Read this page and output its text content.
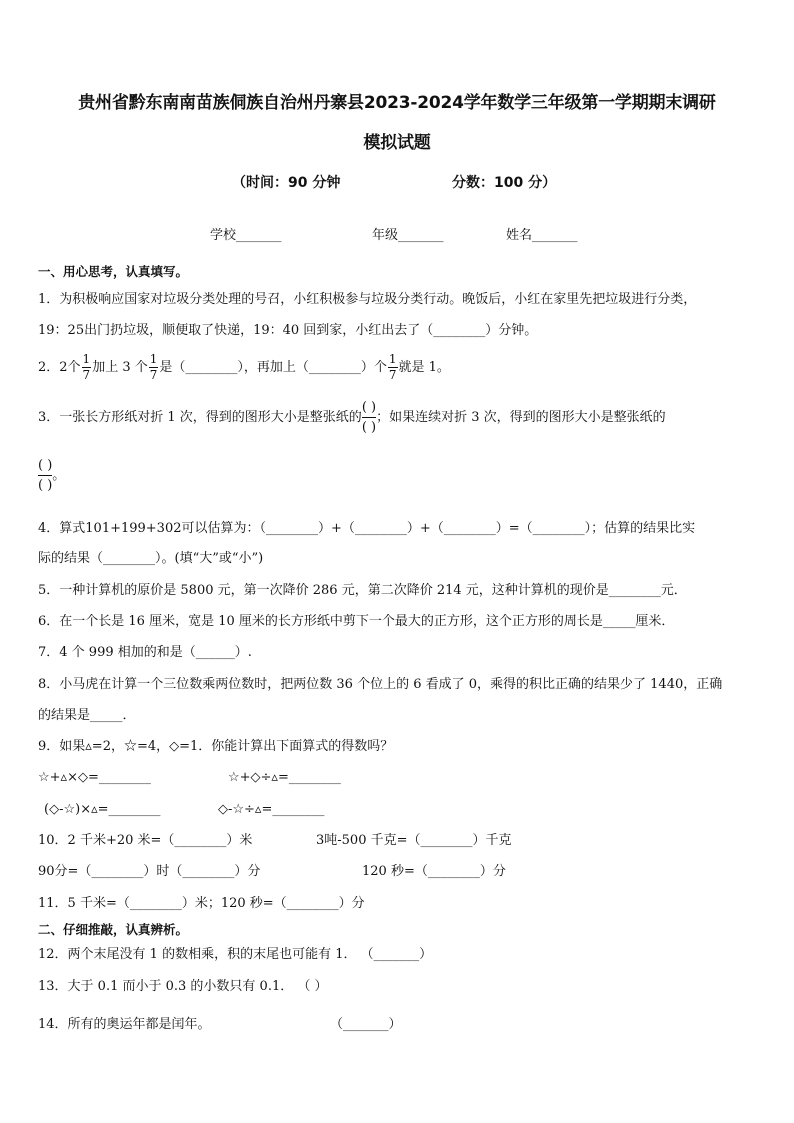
贵州省黔东南南苗族侗族自治州丹寨县2023-2024学年数学三年级第一学期期末调研
模拟试题
（时间：90 分钟	分数：100 分）
学校_______	年级_______	姓名_______
一、用心思考，认真填写。
1．为积极响应国家对垃圾分类处理的号召，小红积极参与垃圾分类行动。晚饭后，小红在家里先把垃圾进行分类，
19：25出门扔垃圾，顺便取了快递，19：40 回到家，小红出去了（________）分钟。
2．2个 $\frac{1}{7}$ 加上 3 个 $\frac{1}{7}$ 是（________），再加上（________）个 $\frac{1}{7}$ 就是 1。
3．一张长方形纸对折 1 次，得到的图形大小是整张纸的
( )
( )；如果连续对折 3 次，得到的图形大小是整张纸的
( )
( )。
4．算式101+199+302可以估算为：（________）+（________）+（________）=（________）；估算的结果比实
际的结果（________）。(填“大”或“小”)
5．一种计算机的原价是 5800 元，第一次降价 286 元，第二次降价 214 元，这种计算机的现价是________元．
6．在一个长是 16 厘米，宽是 10 厘米的长方形纸中剪下一个最大的正方形，这个正方形的周长是_____厘米．
7．4 个 999 相加的和是（______）.
8．小马虎在计算一个三位数乘两位数时，把两位数 36 个位上的 6 看成了 0，乘得的积比正确的结果少了 1440，正确
的结果是_____．
9．如果▵=2，☆=4，◇=1．你能计算出下面算式的得数吗？
☆+▵×◇=________	☆+◇÷▵=________
(◇-☆)×▵=________	◇-☆÷▵=________
10．2 千米+20 米=（________）米	3吨-500 千克=（________）千克
90分=（________）时（________）分	120 秒=（________）分
11．5 千米=（________）米；120 秒=（________）分
二、仔细推敲，认真辨析。
12．两个末尾没有 1 的数相乘，积的末尾也可能有 1． （_______）
13．大于 0.1 而小于 0.3 的小数只有 0.1． （ ）
14．所有的奥运年都是闰年。	（_______）
